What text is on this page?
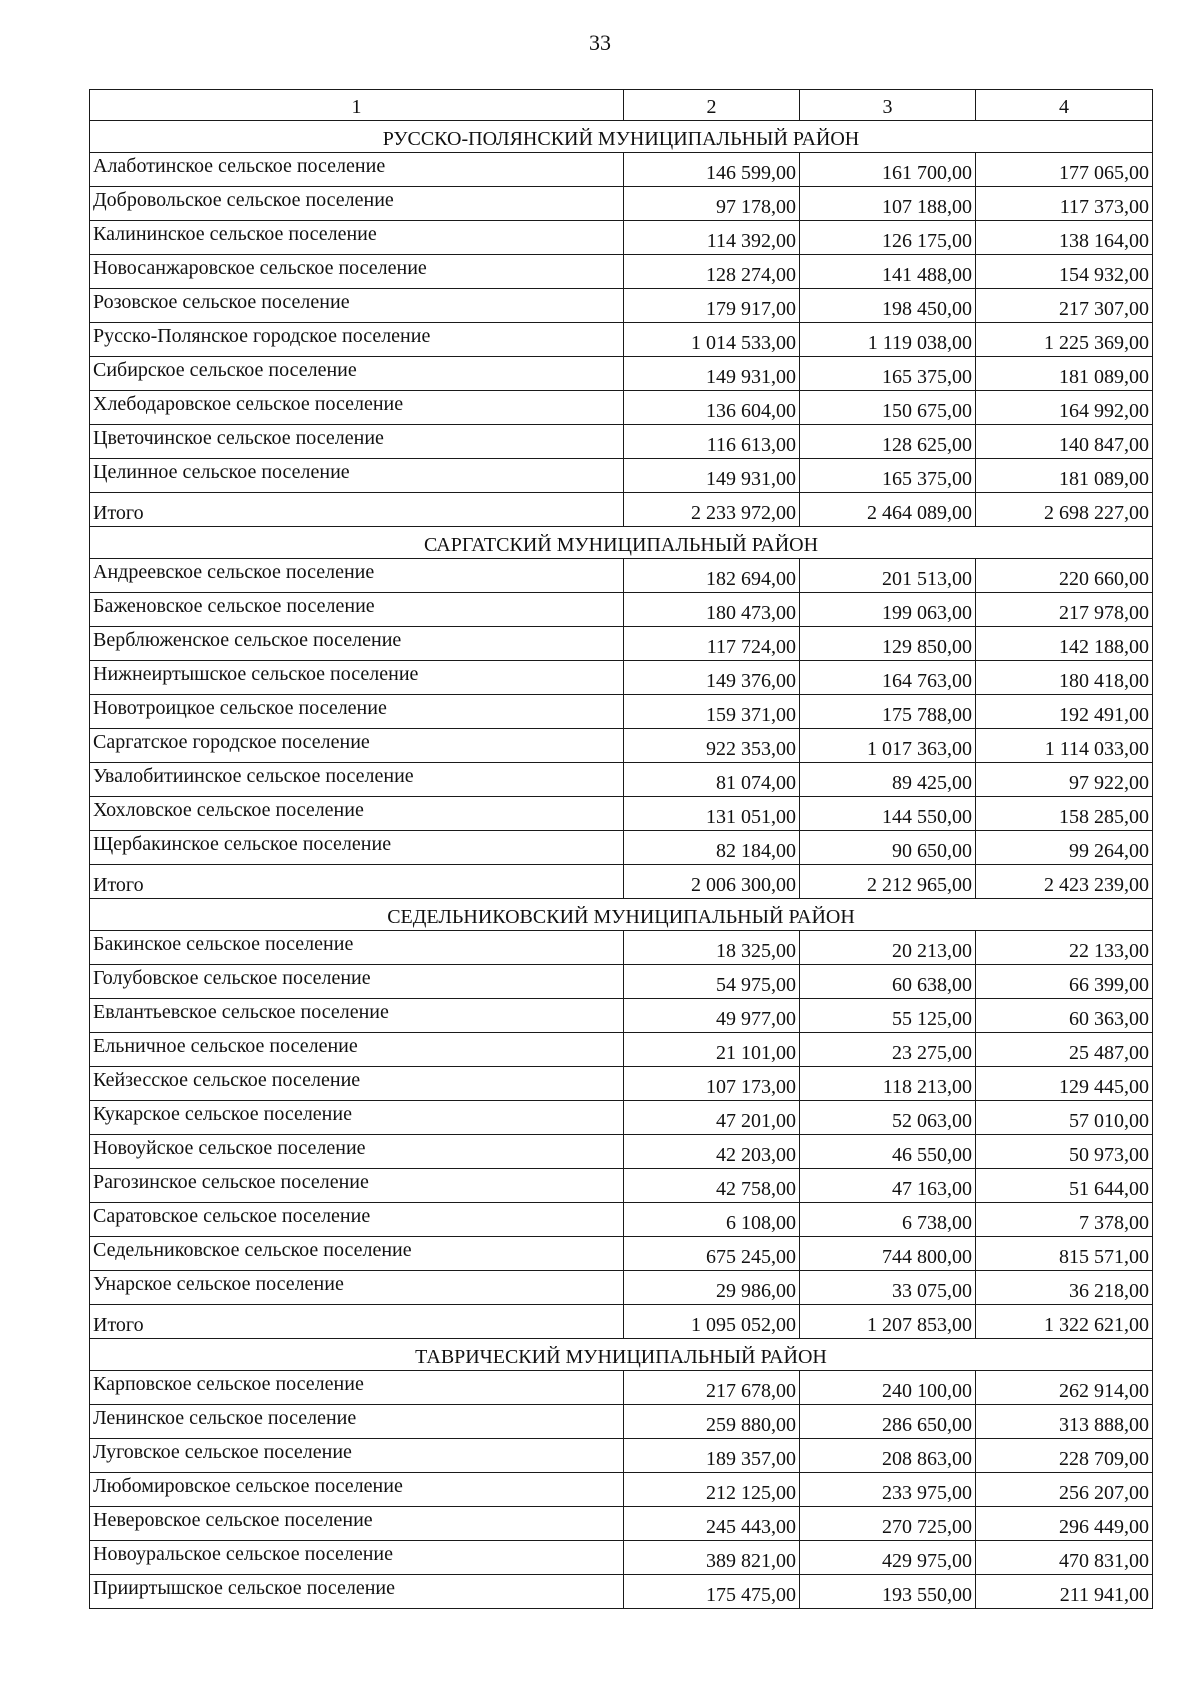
33
1	2	3	4
РУССКО-ПОЛЯНСКИЙ МУНИЦИПАЛЬНЫЙ РАЙОН			
Алаботинское сельское поселение	146 599,00	161 700,00	177 065,00
Добровольское сельское поселение	97 178,00	107 188,00	117 373,00
Калининское сельское поселение	114 392,00	126 175,00	138 164,00
Новосанжаровское сельское поселение	128 274,00	141 488,00	154 932,00
Розовское сельское поселение	179 917,00	198 450,00	217 307,00
Русско-Полянское городское поселение	1 014 533,00	1 119 038,00	1 225 369,00
Сибирское сельское поселение	149 931,00	165 375,00	181 089,00
Хлебодаровское сельское поселение	136 604,00	150 675,00	164 992,00
Цветочинское сельское поселение	116 613,00	128 625,00	140 847,00
Целинное сельское поселение	149 931,00	165 375,00	181 089,00
Итого	2 233 972,00	2 464 089,00	2 698 227,00
САРГАТСКИЙ МУНИЦИПАЛЬНЫЙ РАЙОН			
Андреевское сельское поселение	182 694,00	201 513,00	220 660,00
Баженовское сельское поселение	180 473,00	199 063,00	217 978,00
Верблюженское сельское поселение	117 724,00	129 850,00	142 188,00
Нижнеиртышское сельское поселение	149 376,00	164 763,00	180 418,00
Новотроицкое сельское поселение	159 371,00	175 788,00	192 491,00
Саргатское городское поселение	922 353,00	1 017 363,00	1 114 033,00
Увалобитиинское сельское поселение	81 074,00	89 425,00	97 922,00
Хохловское сельское поселение	131 051,00	144 550,00	158 285,00
Щербакинское сельское поселение	82 184,00	90 650,00	99 264,00
Итого	2 006 300,00	2 212 965,00	2 423 239,00
СЕДЕЛЬНИКОВСКИЙ МУНИЦИПАЛЬНЫЙ РАЙОН			
Бакинское сельское поселение	18 325,00	20 213,00	22 133,00
Голубовское сельское поселение	54 975,00	60 638,00	66 399,00
Евлантьевское сельское поселение	49 977,00	55 125,00	60 363,00
Ельничное сельское поселение	21 101,00	23 275,00	25 487,00
Кейзесское сельское поселение	107 173,00	118 213,00	129 445,00
Кукарское сельское поселение	47 201,00	52 063,00	57 010,00
Новоуйское сельское поселение	42 203,00	46 550,00	50 973,00
Рагозинское сельское поселение	42 758,00	47 163,00	51 644,00
Саратовское сельское поселение	6 108,00	6 738,00	7 378,00
Седельниковское сельское поселение	675 245,00	744 800,00	815 571,00
Унарское сельское поселение	29 986,00	33 075,00	36 218,00
Итого	1 095 052,00	1 207 853,00	1 322 621,00
ТАВРИЧЕСКИЙ МУНИЦИПАЛЬНЫЙ РАЙОН			
Карповское сельское поселение	217 678,00	240 100,00	262 914,00
Ленинское сельское поселение	259 880,00	286 650,00	313 888,00
Луговское сельское поселение	189 357,00	208 863,00	228 709,00
Любомировское сельское поселение	212 125,00	233 975,00	256 207,00
Неверовское сельское поселение	245 443,00	270 725,00	296 449,00
Новоуральское сельское поселение	389 821,00	429 975,00	470 831,00
Прииртышское сельское поселение	175 475,00	193 550,00	211 941,00
